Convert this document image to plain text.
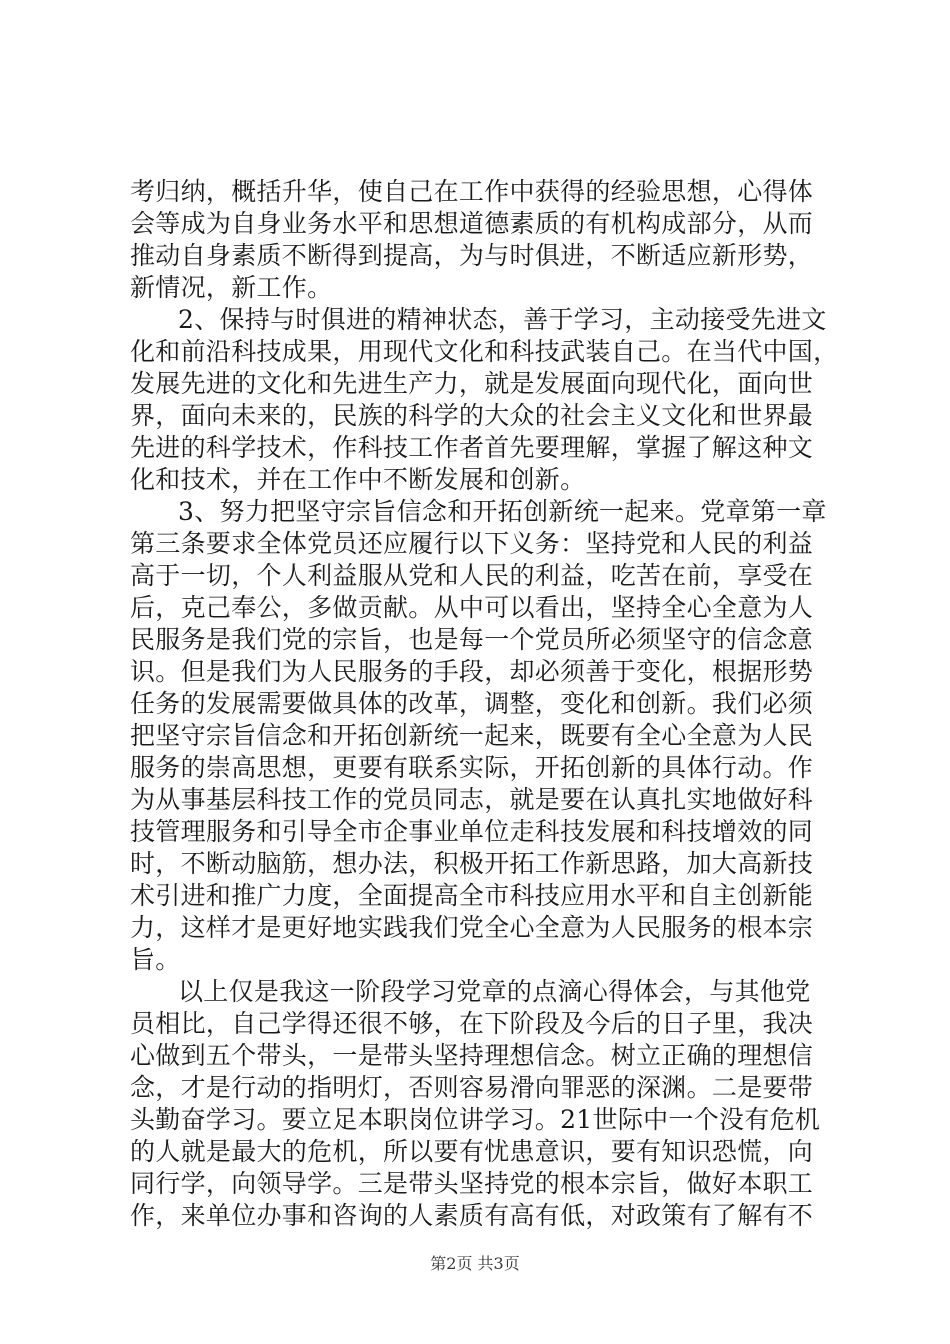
考归纳，概括升华，使自己在工作中获得的经验思想，心得体
会等成为自身业务水平和思想道德素质的有机构成部分，从而
推动自身素质不断得到提高，为与时俱进，不断适应新形势，
新情况，新工作。
2、保持与时俱进的精神状态，善于学习，主动接受先进文
化和前沿科技成果，用现代文化和科技武装自己。在当代中国，
发展先进的文化和先进生产力，就是发展面向现代化，面向世
界，面向未来的，民族的科学的大众的社会主义文化和世界最
先进的科学技术，作科技工作者首先要理解，掌握了解这种文
化和技术，并在工作中不断发展和创新。
3、努力把坚守宗旨信念和开拓创新统一起来。党章第一章
第三条要求全体党员还应履行以下义务：坚持党和人民的利益
高于一切，个人利益服从党和人民的利益，吃苦在前，享受在
后，克己奉公，多做贡献。从中可以看出，坚持全心全意为人
民服务是我们党的宗旨，也是每一个党员所必须坚守的信念意
识。但是我们为人民服务的手段，却必须善于变化，根据形势
任务的发展需要做具体的改革，调整，变化和创新。我们必须
把坚守宗旨信念和开拓创新统一起来，既要有全心全意为人民
服务的崇高思想，更要有联系实际，开拓创新的具体行动。作
为从事基层科技工作的党员同志，就是要在认真扎实地做好科
技管理服务和引导全市企事业单位走科技发展和科技增效的同
时，不断动脑筋，想办法，积极开拓工作新思路，加大高新技
术引进和推广力度，全面提高全市科技应用水平和自主创新能
力，这样才是更好地实践我们党全心全意为人民服务的根本宗
旨。
以上仅是我这一阶段学习党章的点滴心得体会，与其他党
员相比，自己学得还很不够，在下阶段及今后的日子里，我决
心做到五个带头，一是带头坚持理想信念。树立正确的理想信
念，才是行动的指明灯，否则容易滑向罪恶的深渊。二是要带
头勤奋学习。要立足本职岗位讲学习。21世际中一个没有危机
的人就是最大的危机，所以要有忧患意识，要有知识恐慌，向
同行学，向领导学。三是带头坚持党的根本宗旨，做好本职工
作，来单位办事和咨询的人素质有高有低，对政策有了解有不
第2页 共3页
